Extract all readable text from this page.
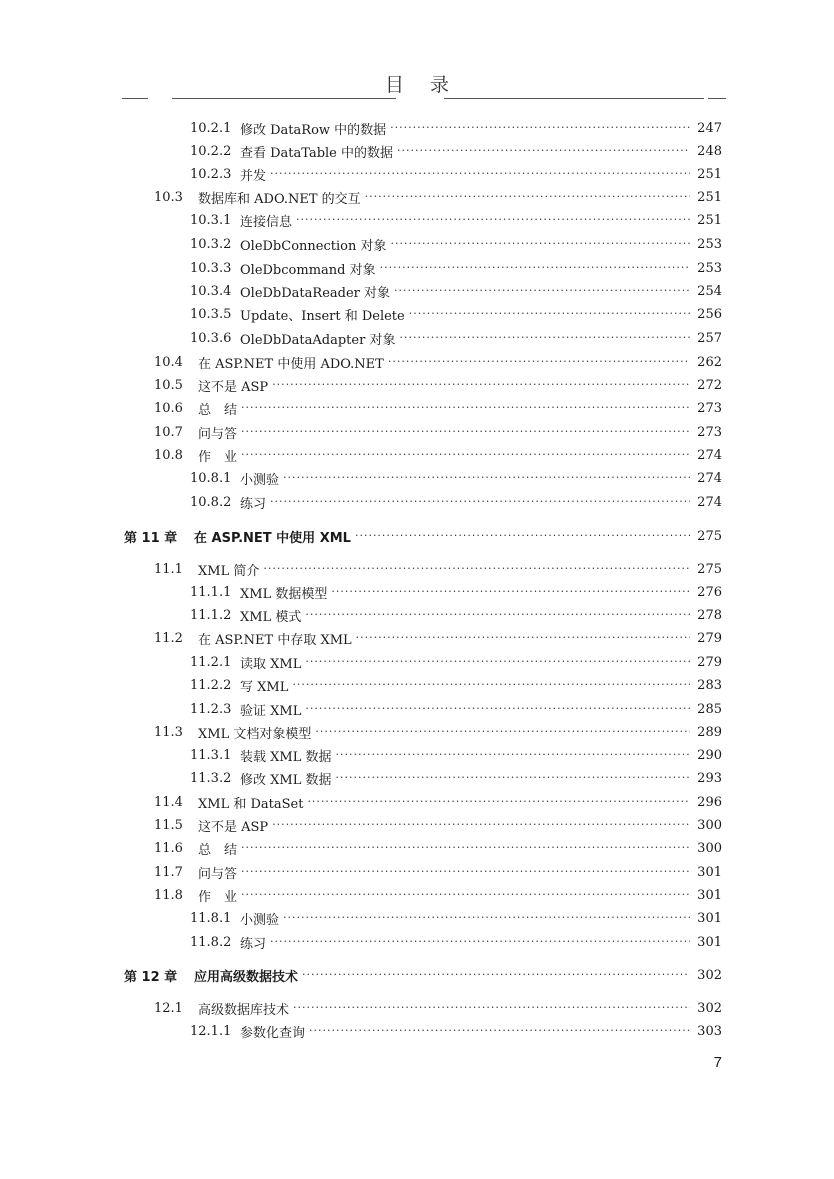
目录
10.2.1 修改 DataRow 中的数据 ·····	247
10.2.2 查看 DataTable 中的数据 ·····	248
10.2.3 并发 ·····	251
10.3	数据库和 ADO.NET 的交互 ·····	251
10.3.1 连接信息 ·····	251
10.3.2 OleDbConnection 对象 ·····	253
10.3.3 OleDbcommand 对象 ·····	253
10.3.4 OleDbDataReader 对象 ·····	254
10.3.5 Update、Insert 和 Delete ·····	256
10.3.6 OleDbDataAdapter 对象 ·····	257
10.4	在 ASP.NET 中使用 ADO.NET ·····	262
10.5	这不是 ASP ·····	272
10.6	总　结 ·····	273
10.7	问与答 ·····	273
10.8	作　业 ·····	274
10.8.1 小测验 ·····	274
10.8.2 练习 ·····	274
第 11 章	在 ASP.NET 中使用 XML ·····	275
11.1	XML 简介 ·····	275
11.1.1 XML 数据模型 ·····	276
11.1.2 XML 模式 ·····	278
11.2	在 ASP.NET 中存取 XML ·····	279
11.2.1 读取 XML ·····	279
11.2.2 写 XML ·····	283
11.2.3 验证 XML ·····	285
11.3	XML 文档对象模型 ·····	289
11.3.1 装载 XML 数据 ·····	290
11.3.2 修改 XML 数据 ·····	293
11.4	XML 和 DataSet ·····	296
11.5	这不是 ASP ·····	300
11.6	总　结 ·····	300
11.7	问与答 ·····	301
11.8	作　业 ·····	301
11.8.1 小测验 ·····	301
11.8.2 练习 ·····	301
第 12 章	应用高级数据技术 ·····	302
12.1	高级数据库技术 ·····	302
12.1.1 参数化查询 ·····	303
7
